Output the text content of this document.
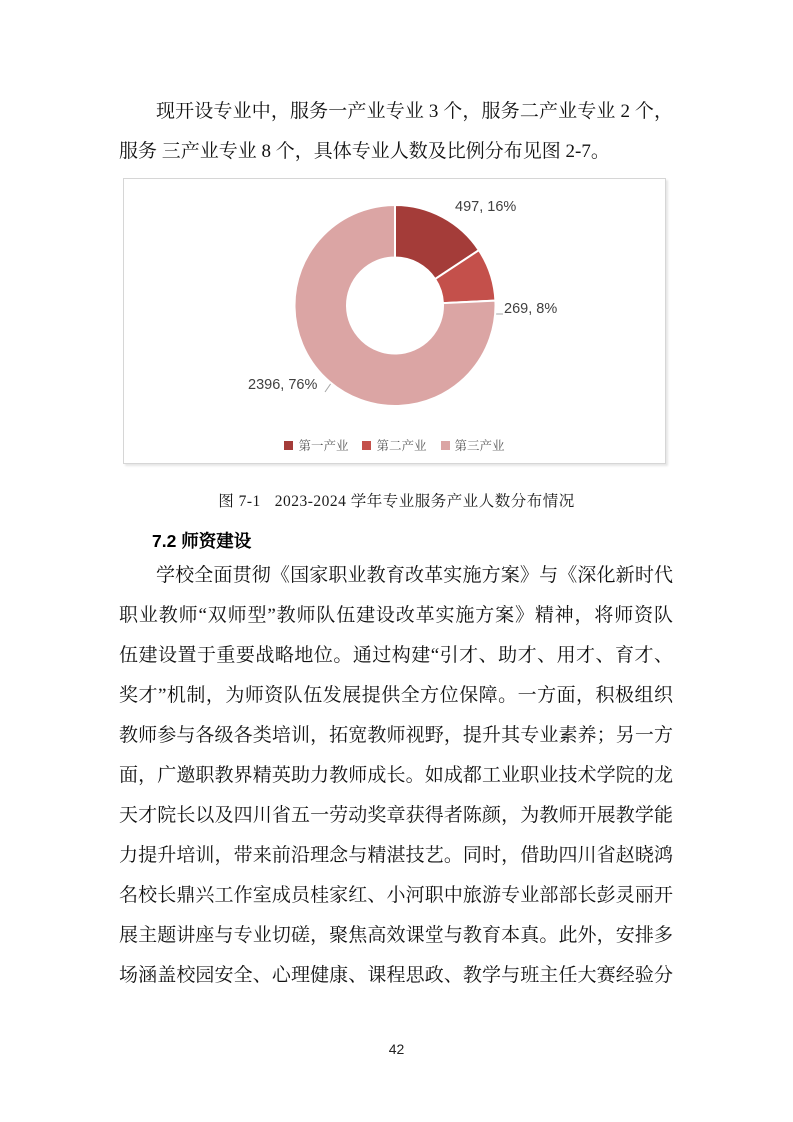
现开设专业中，服务一产业专业 3 个，服务二产业专业 2 个，
服务 三产业专业 8 个，具体专业人数及比例分布见图 2-7。
497, 16%
269, 8%
2396, 76%
第一产业 第二产业 第三产业
图 7-1 2023-2024 学年专业服务产业人数分布情况
7.2 师资建设
学校全面贯彻《国家职业教育改革实施方案》与《深化新时代
职业教师“双师型”教师队伍建设改革实施方案》精神，将师资队
伍建设置于重要战略地位。通过构建“引才、助才、用才、育才、
奖才”机制，为师资队伍发展提供全方位保障。一方面，积极组织
教师参与各级各类培训，拓宽教师视野，提升其专业素养；另一方
面，广邀职教界精英助力教师成长。如成都工业职业技术学院的龙
天才院长以及四川省五一劳动奖章获得者陈颜，为教师开展教学能
力提升培训，带来前沿理念与精湛技艺。同时，借助四川省赵晓鸿
名校长鼎兴工作室成员桂家红、小河职中旅游专业部部长彭灵丽开
展主题讲座与专业切磋，聚焦高效课堂与教育本真。此外，安排多
场涵盖校园安全、心理健康、课程思政、教学与班主任大赛经验分
42
